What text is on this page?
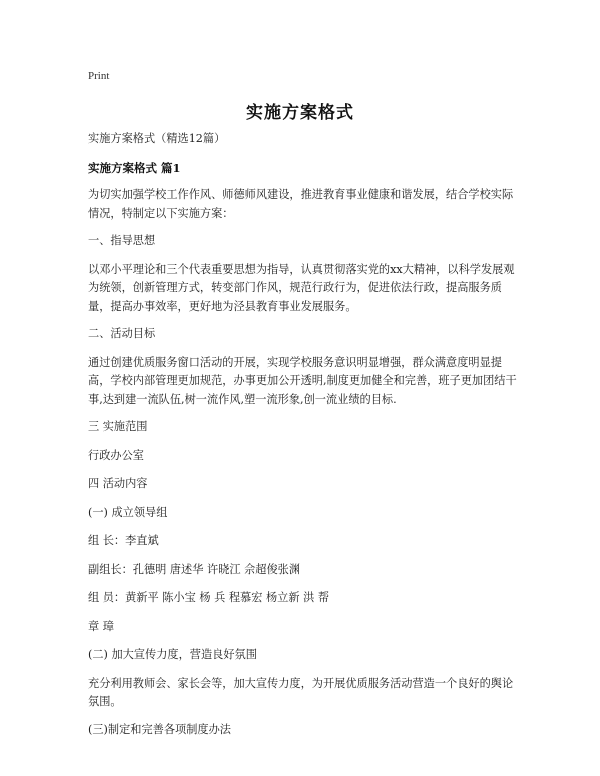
Print
实施方案格式

实施方案格式（精选12篇）

实施方案格式 篇1

为切实加强学校工作作风、师德师风建设，推进教育事业健康和谐发展，结合学校实际情况，特制定以下实施方案：

一、指导思想

以邓小平理论和三个代表重要思想为指导，认真贯彻落实党的xx大精神，以科学发展观为统领，创新管理方式，转变部门作风，规范行政行为，促进依法行政，提高服务质量，提高办事效率，更好地为泾县教育事业发展服务。

二、活动目标

通过创建优质服务窗口活动的开展，实现学校服务意识明显增强，群众满意度明显提高，学校内部管理更加规范，办事更加公开透明,制度更加健全和完善，班子更加团结干事,达到建一流队伍,树一流作风,塑一流形象,创一流业绩的目标.

三 实施范围

行政办公室

四 活动内容

(一) 成立领导组

组 长：李直斌

副组长：孔德明 唐述华 许晓江 佘超俊张渊

组 员：黄新平 陈小宝 杨 兵 程慕宏 杨立新 洪 帮

章 璋

(二) 加大宣传力度，营造良好氛围

充分利用教师会、家长会等，加大宣传力度，为开展优质服务活动营造一个良好的舆论氛围。

(三)制定和完善各项制度办法
